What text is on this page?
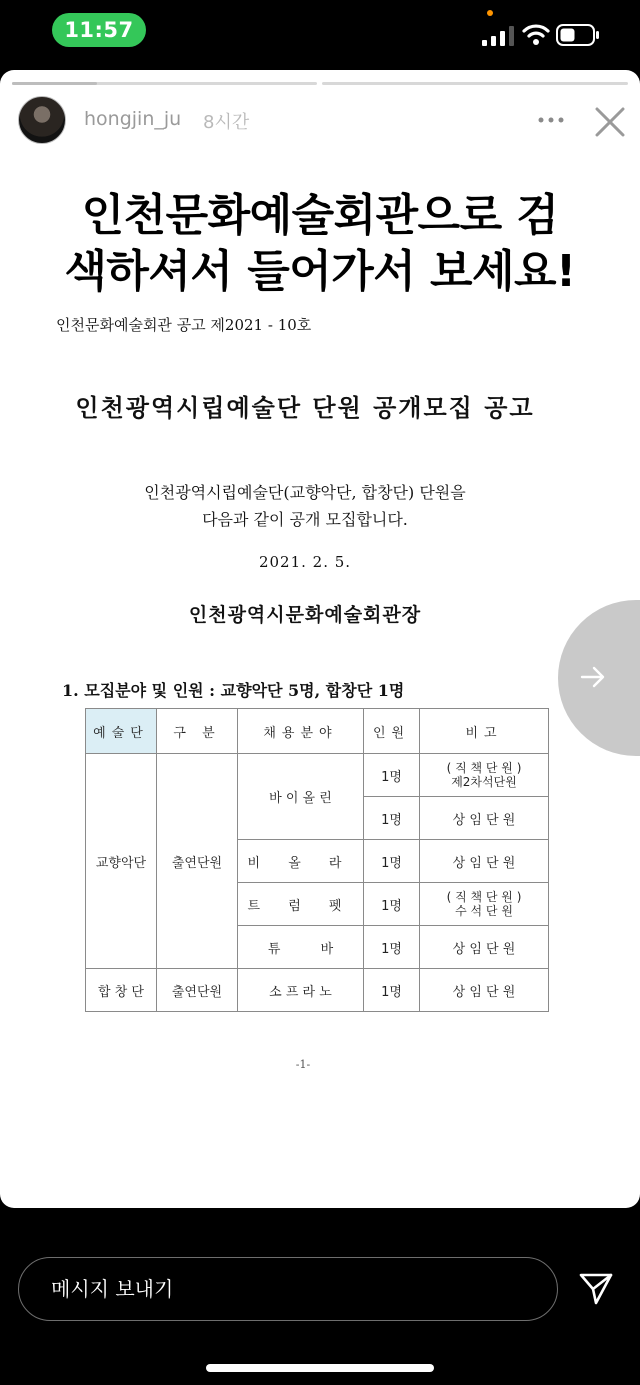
11:57
hongjin_ju 8시간
인천문화예술회관 공고 제2021 - 10호
인천광역시립예술단 단원 공개모집 공고
인천광역시립예술단(교향악단, 합창단) 단원을
다음과 같이 공개 모집합니다.
2021. 2. 5.
인천광역시문화예술회관장
1. 모집분야 및 인원 : 교향악단 5명, 합창단 1명
예술단	구 분	채용분야	인원	비고
교향악단	출연단원	바 이 올 린	1명	( 직 책 단 원 )
제2차석단원
			1명	상 임 단 원
		비 올 라	1명	상 임 단 원
		트 럼 펫	1명	( 직 책 단 원 )
수 석 단 원
		튜 바	1명	상 임 단 원
합 창 단	출연단원	소 프 라 노	1명	상 임 단 원
-1-
인천문화예술회관으로 검
색하셔서 들어가서 보세요!
메시지 보내기
